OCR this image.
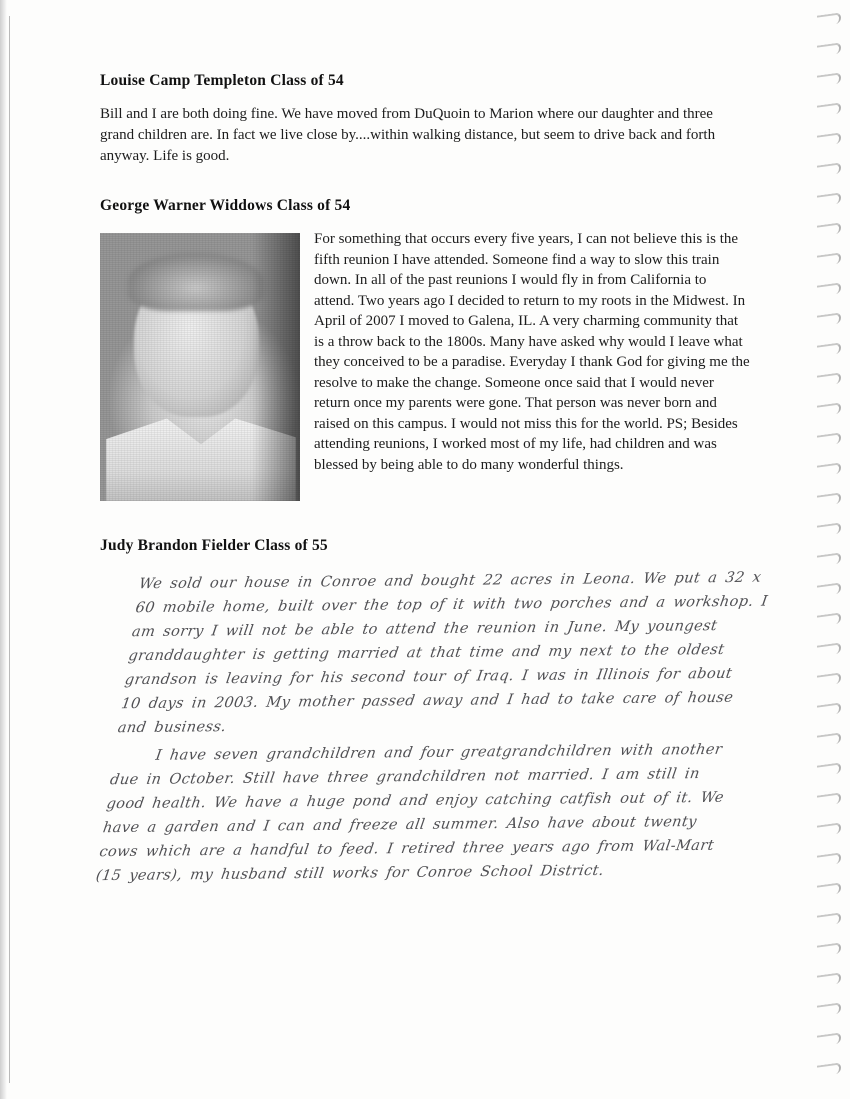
Louise Camp Templeton Class of 54

Bill and I are both doing fine. We have moved from DuQuoin to Marion where our daughter and three grand children are. In fact we live close by....within walking distance, but seem to drive back and forth anyway. Life is good.

George Warner Widdows Class of 54

For something that occurs every five years, I can not believe this is the fifth reunion I have attended. Someone find a way to slow this train down. In all of the past reunions I would fly in from California to attend. Two years ago I decided to return to my roots in the Midwest. In April of 2007 I moved to Galena, IL. A very charming community that is a throw back to the 1800s. Many have asked why would I leave what they conceived to be a paradise. Everyday I thank God for giving me the resolve to make the change. Someone once said that I would never return once my parents were gone. That person was never born and raised on this campus. I would not miss this for the world. PS; Besides attending reunions, I worked most of my life, had children and was blessed by being able to do many wonderful things.

Judy Brandon Fielder Class of 55

We sold our house in Conroe and bought 22 acres in Leona. We put a 32 x 60 mobile home, built over the top of it with two porches and a workshop. I am sorry I will not be able to attend the reunion in June. My youngest granddaughter is getting married at that time and my next to the oldest grandson is leaving for his second tour of Iraq. I was in Illinois for about 10 days in 2003. My mother passed away and I had to take care of house and business.

I have seven grandchildren and four greatgrandchildren with another due in October. Still have three grandchildren not married. I am still in good health. We have a huge pond and enjoy catching catfish out of it. We have a garden and I can and freeze all summer. Also have about twenty cows which are a handful to feed. I retired three years ago from Wal-Mart (15 years), my husband still works for Conroe School District.
